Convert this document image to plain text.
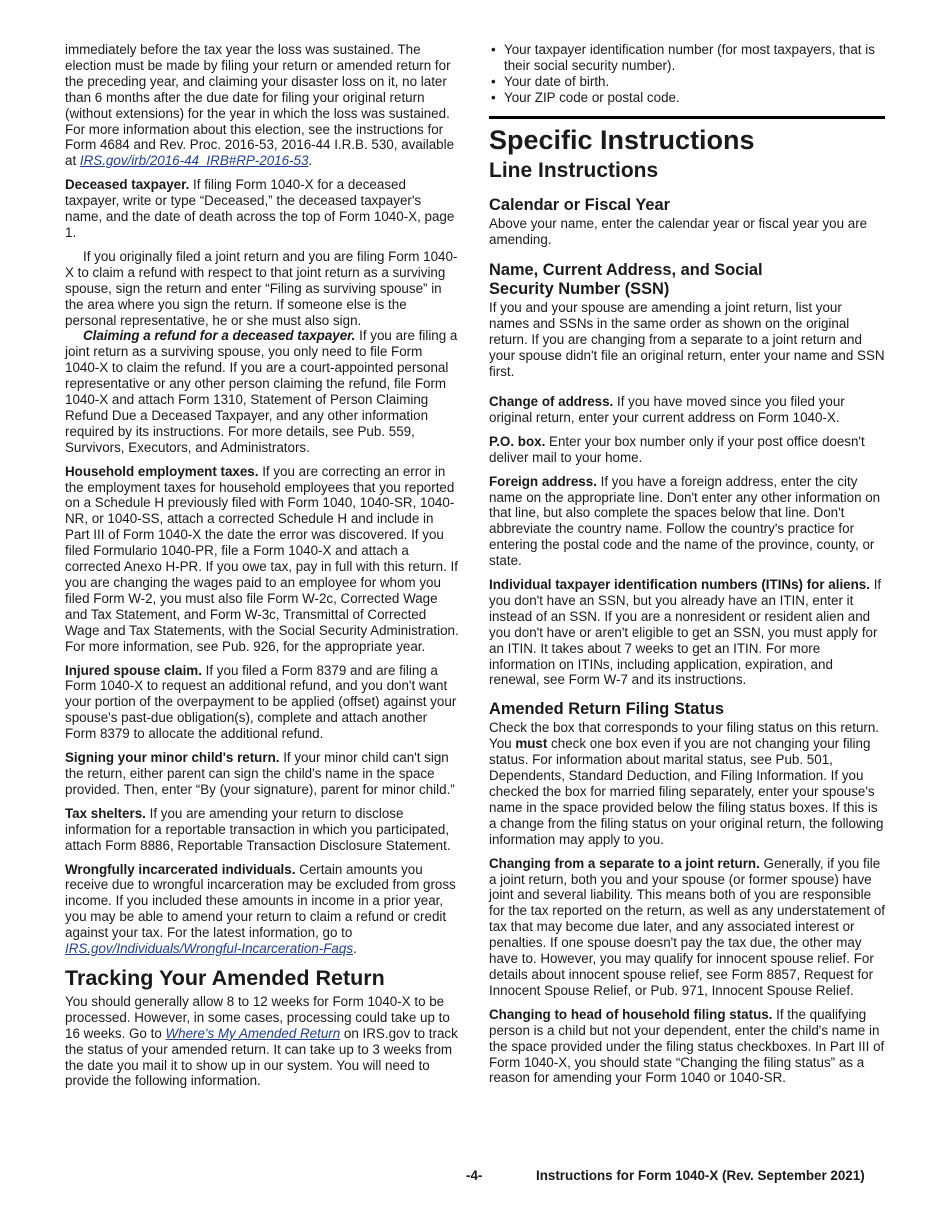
immediately before the tax year the loss was sustained. The election must be made by filing your return or amended return for the preceding year, and claiming your disaster loss on it, no later than 6 months after the due date for filing your original return (without extensions) for the year in which the loss was sustained. For more information about this election, see the instructions for Form 4684 and Rev. Proc. 2016-53, 2016-44 I.R.B. 530, available at IRS.gov/irb/2016-44_IRB#RP-2016-53.

Deceased taxpayer. If filing Form 1040-X for a deceased taxpayer, write or type “Deceased,” the deceased taxpayer's name, and the date of death across the top of Form 1040-X, page 1.

If you originally filed a joint return and you are filing Form 1040-X to claim a refund with respect to that joint return as a surviving spouse, sign the return and enter “Filing as surviving spouse” in the area where you sign the return. If someone else is the personal representative, he or she must also sign.

Claiming a refund for a deceased taxpayer. If you are filing a joint return as a surviving spouse, you only need to file Form 1040-X to claim the refund. If you are a court-appointed personal representative or any other person claiming the refund, file Form 1040-X and attach Form 1310, Statement of Person Claiming Refund Due a Deceased Taxpayer, and any other information required by its instructions. For more details, see Pub. 559, Survivors, Executors, and Administrators.

Household employment taxes. If you are correcting an error in the employment taxes for household employees that you reported on a Schedule H previously filed with Form 1040, 1040-SR, 1040-NR, or 1040-SS, attach a corrected Schedule H and include in Part III of Form 1040-X the date the error was discovered. If you filed Formulario 1040-PR, file a Form 1040-X and attach a corrected Anexo H-PR. If you owe tax, pay in full with this return. If you are changing the wages paid to an employee for whom you filed Form W-2, you must also file Form W-2c, Corrected Wage and Tax Statement, and Form W-3c, Transmittal of Corrected Wage and Tax Statements, with the Social Security Administration. For more information, see Pub. 926, for the appropriate year.

Injured spouse claim. If you filed a Form 8379 and are filing a Form 1040-X to request an additional refund, and you don't want your portion of the overpayment to be applied (offset) against your spouse's past-due obligation(s), complete and attach another Form 8379 to allocate the additional refund.

Signing your minor child's return. If your minor child can't sign the return, either parent can sign the child's name in the space provided. Then, enter “By (your signature), parent for minor child.”

Tax shelters. If you are amending your return to disclose information for a reportable transaction in which you participated, attach Form 8886, Reportable Transaction Disclosure Statement.

Wrongfully incarcerated individuals. Certain amounts you receive due to wrongful incarceration may be excluded from gross income. If you included these amounts in income in a prior year, you may be able to amend your return to claim a refund or credit against your tax. For the latest information, go to IRS.gov/Individuals/Wrongful-Incarceration-Faqs.

Tracking Your Amended Return

You should generally allow 8 to 12 weeks for Form 1040-X to be processed. However, in some cases, processing could take up to 16 weeks. Go to Where's My Amended Return on IRS.gov to track the status of your amended return. It can take up to 3 weeks from the date you mail it to show up in our system. You will need to provide the following information.

• Your taxpayer identification number (for most taxpayers, that is their social security number).
• Your date of birth.
• Your ZIP code or postal code.
Specific Instructions
Line Instructions
Calendar or Fiscal Year

Above your name, enter the calendar year or fiscal year you are amending.

Name, Current Address, and Social Security Number (SSN)

If you and your spouse are amending a joint return, list your names and SSNs in the same order as shown on the original return. If you are changing from a separate to a joint return and your spouse didn't file an original return, enter your name and SSN first.

Change of address. If you have moved since you filed your original return, enter your current address on Form 1040-X.

P.O. box. Enter your box number only if your post office doesn't deliver mail to your home.

Foreign address. If you have a foreign address, enter the city name on the appropriate line. Don't enter any other information on that line, but also complete the spaces below that line. Don't abbreviate the country name. Follow the country's practice for entering the postal code and the name of the province, county, or state.

Individual taxpayer identification numbers (ITINs) for aliens. If you don't have an SSN, but you already have an ITIN, enter it instead of an SSN. If you are a nonresident or resident alien and you don't have or aren't eligible to get an SSN, you must apply for an ITIN. It takes about 7 weeks to get an ITIN. For more information on ITINs, including application, expiration, and renewal, see Form W-7 and its instructions.

Amended Return Filing Status

Check the box that corresponds to your filing status on this return. You must check one box even if you are not changing your filing status. For information about marital status, see Pub. 501, Dependents, Standard Deduction, and Filing Information. If you checked the box for married filing separately, enter your spouse's name in the space provided below the filing status boxes. If this is a change from the filing status on your original return, the following information may apply to you.

Changing from a separate to a joint return. Generally, if you file a joint return, both you and your spouse (or former spouse) have joint and several liability. This means both of you are responsible for the tax reported on the return, as well as any understatement of tax that may become due later, and any associated interest or penalties. If one spouse doesn't pay the tax due, the other may have to. However, you may qualify for innocent spouse relief. For details about innocent spouse relief, see Form 8857, Request for Innocent Spouse Relief, or Pub. 971, Innocent Spouse Relief.

Changing to head of household filing status. If the qualifying person is a child but not your dependent, enter the child's name in the space provided under the filing status checkboxes. In Part III of Form 1040-X, you should state “Changing the filing status” as a reason for amending your Form 1040 or 1040-SR.

-4-	Instructions for Form 1040-X (Rev. September 2021)
